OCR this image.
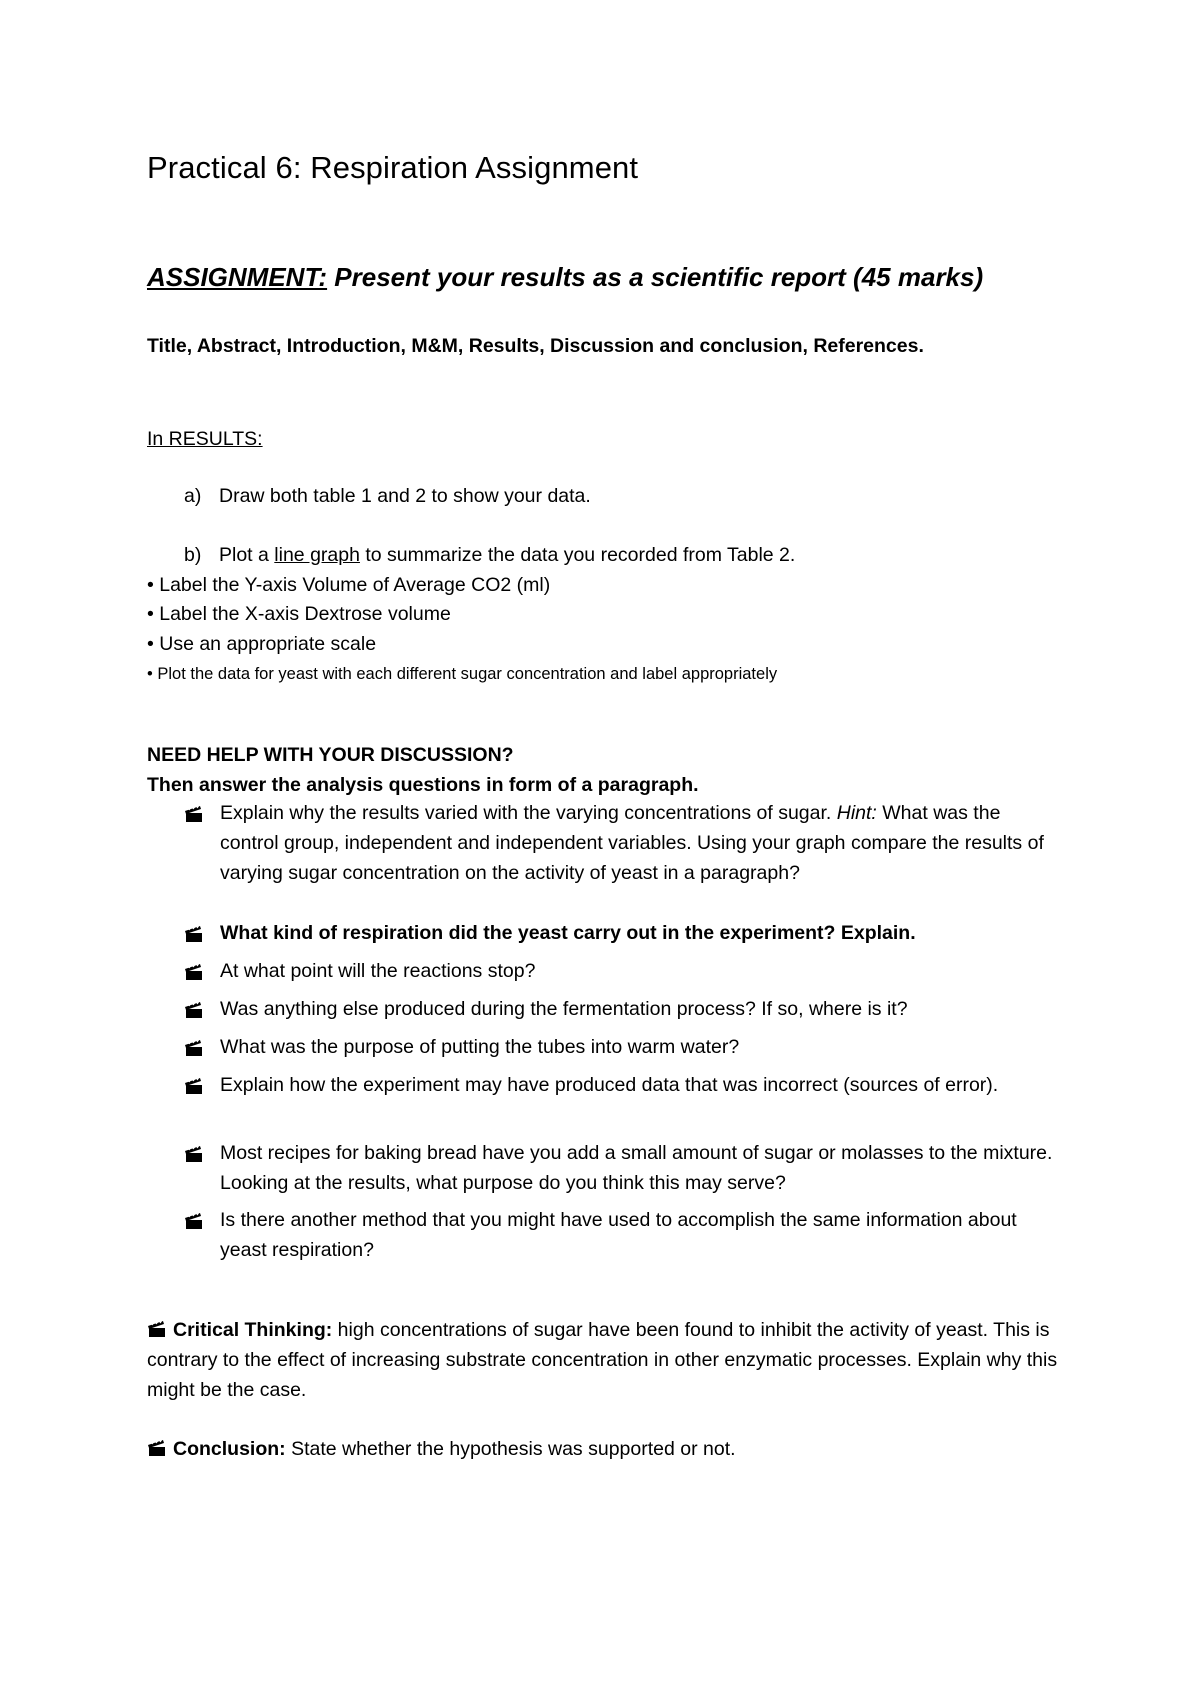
Practical 6: Respiration Assignment
ASSIGNMENT: Present your results as a scientific report (45 marks)
Title, Abstract, Introduction, M&M, Results, Discussion and conclusion, References.
In RESULTS:
a) Draw both table 1 and 2 to show your data.
b) Plot a line graph to summarize the data you recorded from Table 2.
• Label the Y-axis Volume of Average CO2 (ml)
• Label the X-axis Dextrose volume
• Use an appropriate scale
• Plot the data for yeast with each different sugar concentration and label appropriately
NEED HELP WITH YOUR DISCUSSION?
Then answer the analysis questions in form of a paragraph.
Explain why the results varied with the varying concentrations of sugar. Hint: What was the control group, independent and independent variables. Using your graph compare the results of varying sugar concentration on the activity of yeast in a paragraph?
What kind of respiration did the yeast carry out in the experiment? Explain.
At what point will the reactions stop?
Was anything else produced during the fermentation process? If so, where is it?
What was the purpose of putting the tubes into warm water?
Explain how the experiment may have produced data that was incorrect (sources of error).
Most recipes for baking bread have you add a small amount of sugar or molasses to the mixture. Looking at the results, what purpose do you think this may serve?
Is there another method that you might have used to accomplish the same information about yeast respiration?
Critical Thinking: high concentrations of sugar have been found to inhibit the activity of yeast. This is contrary to the effect of increasing substrate concentration in other enzymatic processes. Explain why this might be the case.
Conclusion: State whether the hypothesis was supported or not.
